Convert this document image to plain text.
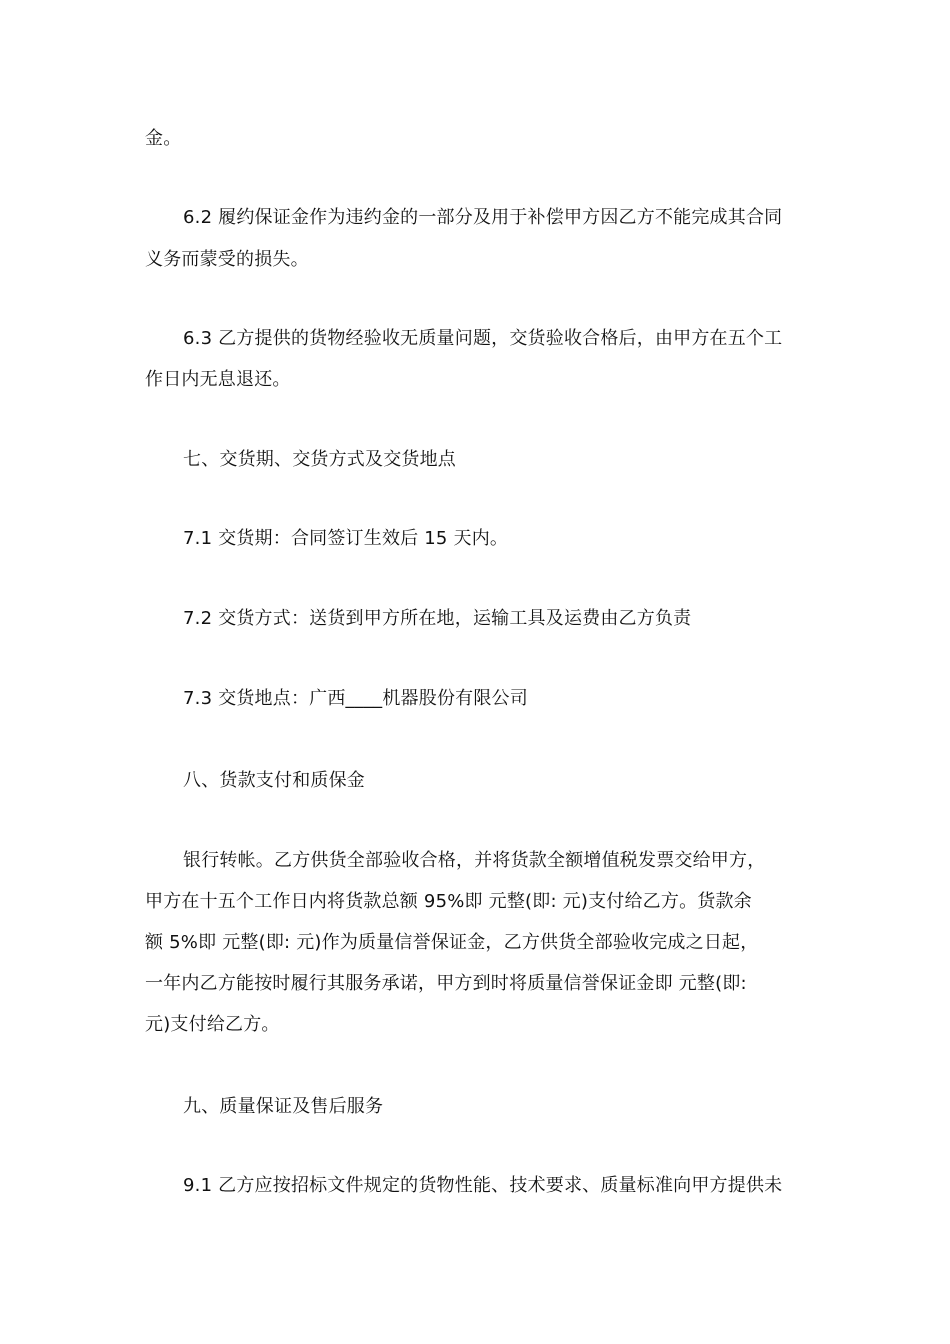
金。
6.2 履约保证金作为违约金的一部分及用于补偿甲方因乙方不能完成其合同
义务而蒙受的损失。
6.3 乙方提供的货物经验收无质量问题，交货验收合格后，由甲方在五个工
作日内无息退还。
七、交货期、交货方式及交货地点
7.1 交货期：合同签订生效后 15 天内。
7.2 交货方式：送货到甲方所在地，运输工具及运费由乙方负责
7.3 交货地点：广西____机器股份有限公司
八、货款支付和质保金
银行转帐。乙方供货全部验收合格，并将货款全额增值税发票交给甲方，
甲方在十五个工作日内将货款总额 95%即 元整(即: 元)支付给乙方。货款余
额 5%即 元整(即: 元)作为质量信誉保证金，乙方供货全部验收完成之日起，
一年内乙方能按时履行其服务承诺，甲方到时将质量信誉保证金即 元整(即:
元)支付给乙方。
九、质量保证及售后服务
9.1 乙方应按招标文件规定的货物性能、技术要求、质量标准向甲方提供未
